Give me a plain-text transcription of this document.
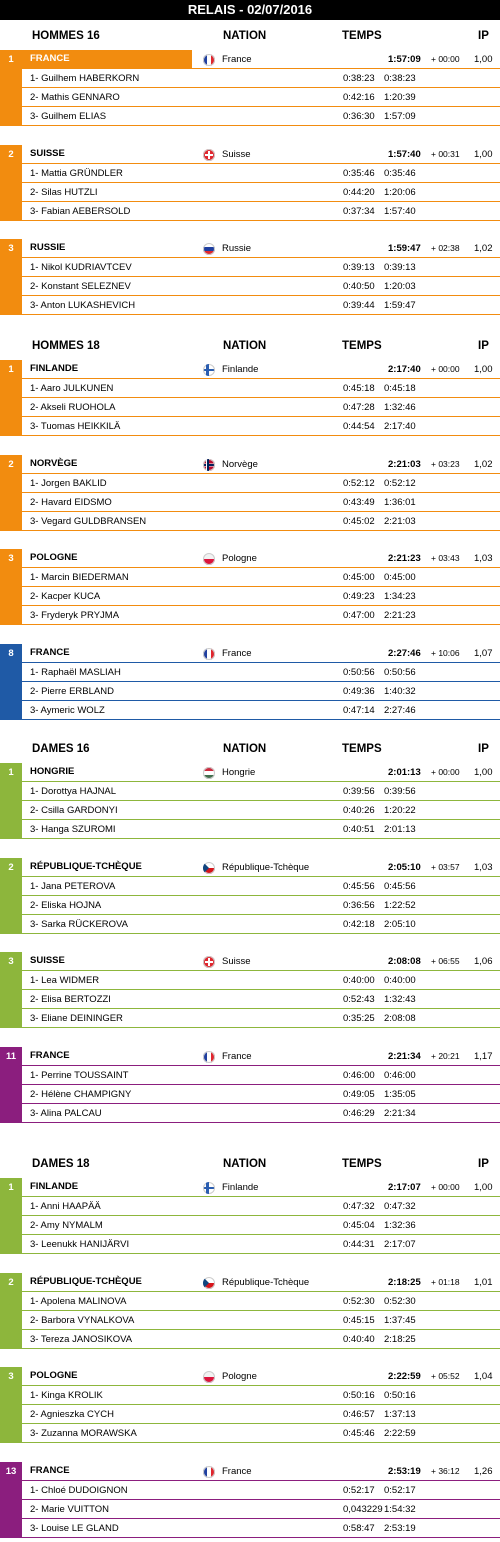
RELAIS - 02/07/2016
HOMMES 16	NATION	TEMPS	IP
1	FRANCE	France	1:57:09 + 00:00 1,00
1- Guilhem HABERKORN	0:38:23 0:38:23
2- Mathis GENNARO	0:42:16 1:20:39
3- Guilhem ELIAS	0:36:30 1:57:09
2	SUISSE	Suisse	1:57:40 + 00:31 1,00
1- Mattia GRÜNDLER	0:35:46 0:35:46
2- Silas HUTZLI	0:44:20 1:20:06
3- Fabian AEBERSOLD	0:37:34 1:57:40
3	RUSSIE	Russie	1:59:47 + 02:38 1,02
1- Nikol KUDRIAVTCEV	0:39:13 0:39:13
2- Konstant SELEZNEV	0:40:50 1:20:03
3- Anton LUKASHEVICH	0:39:44 1:59:47
HOMMES 18	NATION	TEMPS	IP
1	FINLANDE	Finlande	2:17:40 + 00:00 1,00
1- Aaro JULKUNEN	0:45:18 0:45:18
2- Akseli RUOHOLA	0:47:28 1:32:46
3- Tuomas HEIKKILÄ	0:44:54 2:17:40
2	NORVÈGE	Norvège	2:21:03 + 03:23 1,02
1- Jorgen BAKLID	0:52:12 0:52:12
2- Havard EIDSMO	0:43:49 1:36:01
3- Vegard GULDBRANSEN	0:45:02 2:21:03
3	POLOGNE	Pologne	2:21:23 + 03:43 1,03
1- Marcin BIEDERMAN	0:45:00 0:45:00
2- Kacper KUCA	0:49:23 1:34:23
3- Fryderyk PRYJMA	0:47:00 2:21:23
8	FRANCE	France	2:27:46 + 10:06 1,07
1- Raphaël MASLIAH	0:50:56 0:50:56
2- Pierre ERBLAND	0:49:36 1:40:32
3- Aymeric WOLZ	0:47:14 2:27:46
DAMES 16	NATION	TEMPS	IP
1	HONGRIE	Hongrie	2:01:13 + 00:00 1,00
1- Dorottya HAJNAL	0:39:56 0:39:56
2- Csilla GARDONYI	0:40:26 1:20:22
3- Hanga SZUROMI	0:40:51 2:01:13
2	RÉPUBLIQUE-TCHÈQUE	République-Tchèque	2:05:10 + 03:57 1,03
1- Jana PETEROVA	0:45:56 0:45:56
2- Eliska HOJNA	0:36:56 1:22:52
3- Sarka RÜCKEROVA	0:42:18 2:05:10
3	SUISSE	Suisse	2:08:08 + 06:55 1,06
1- Lea WIDMER	0:40:00 0:40:00
2- Elisa BERTOZZI	0:52:43 1:32:43
3- Eliane DEININGER	0:35:25 2:08:08
11	FRANCE	France	2:21:34 + 20:21 1,17
1- Perrine TOUSSAINT	0:46:00 0:46:00
2- Hélène CHAMPIGNY	0:49:05 1:35:05
3- Alina PALCAU	0:46:29 2:21:34
DAMES 18	NATION	TEMPS	IP
1	FINLANDE	Finlande	2:17:07 + 00:00 1,00
1- Anni HAAPÄÄ	0:47:32 0:47:32
2- Amy NYMALM	0:45:04 1:32:36
3- Leenukk HANIJÄRVI	0:44:31 2:17:07
2	RÉPUBLIQUE-TCHÈQUE	République-Tchèque	2:18:25 + 01:18 1,01
1- Apolena MALINOVA	0:52:30 0:52:30
2- Barbora VYNALKOVA	0:45:15 1:37:45
3- Tereza JANOSIKOVA	0:40:40 2:18:25
3	POLOGNE	Pologne	2:22:59 + 05:52 1,04
1- Kinga KROLIK	0:50:16 0:50:16
2- Agnieszka CYCH	0:46:57 1:37:13
3- Zuzanna MORAWSKA	0:45:46 2:22:59
13	FRANCE	France	2:53:19 + 36:12 1,26
1- Chloé DUDOIGNON	0:52:17 0:52:17
2- Marie VUITTON	0,043229 1:54:32
3- Louise LE GLAND	0:58:47 2:53:19
